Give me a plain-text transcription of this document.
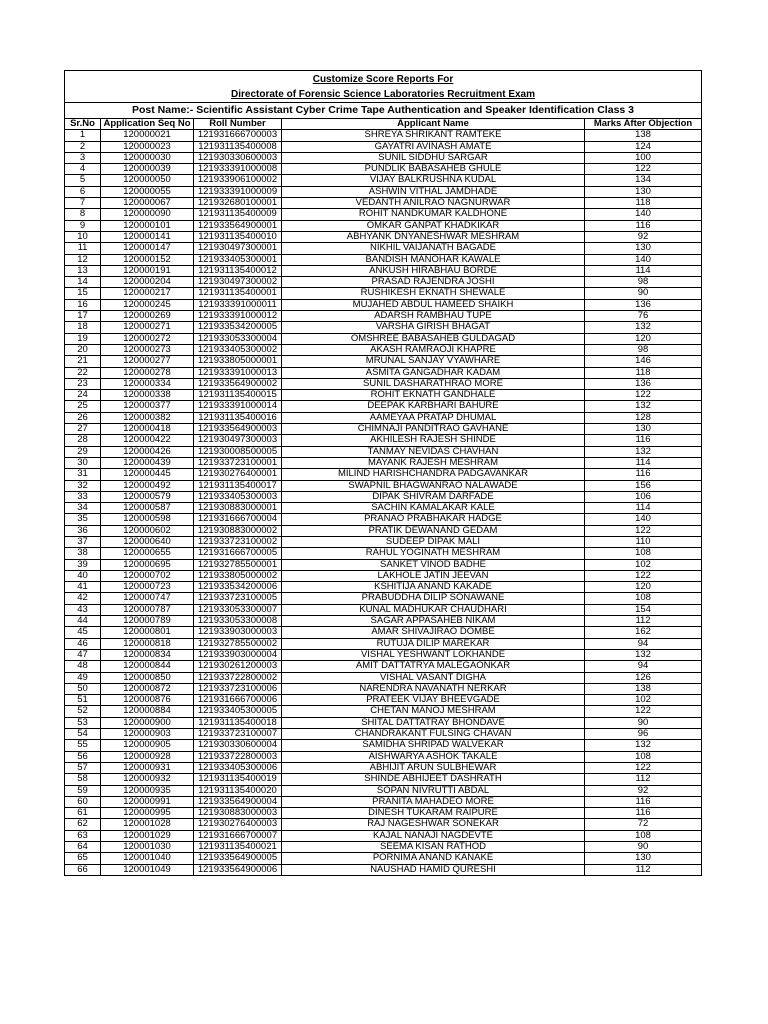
Customize Score Reports For				
Directorate of Forensic Science Laboratories Recruitment Exam				
Post Name:- Scientific Assistant Cyber Crime Tape Authentication and Speaker Identification Class 3				
Sr.No	Application Seq No	Roll Number	Applicant Name	Marks After Objection
1	120000021	121931666700003	SHREYA SHRIKANT RAMTEKE	138
2	120000023	121931135400008	GAYATRI AVINASH AMATE	124
3	120000030	121930330600003	SUNIL SIDDHU SARGAR	100
4	120000039	121933391000008	PUNDLIK BABASAHEB GHULE	122
5	120000050	121933906100002	VIJAY BALKRUSHNA KUDAL	134
6	120000055	121933391000009	ASHWIN VITHAL JAMDHADE	130
7	120000067	121932680100001	VEDANTH ANILRAO NAGNURWAR	118
8	120000090	121931135400009	ROHIT NANDKUMAR KALDHONE	140
9	120000101	121933564900001	OMKAR GANPAT KHADKIKAR	116
10	120000141	121931135400010	ABHYANK DNYANESHWAR MESHRAM	92
11	120000147	121930497300001	NIKHIL VAIJANATH BAGADE	130
12	120000152	121933405300001	BANDISH MANOHAR KAWALE	140
13	120000191	121931135400012	ANKUSH HIRABHAU BORDE	114
14	120000204	121930497300002	PRASAD RAJENDRA JOSHI	98
15	120000217	121931135400001	RUSHIKESH EKNATH SHEWALE	90
16	120000245	121933391000011	MUJAHED ABDUL HAMEED SHAIKH	136
17	120000269	121933391000012	ADARSH RAMBHAU TUPE	76
18	120000271	121933534200005	VARSHA GIRISH BHAGAT	132
19	120000272	121933053300004	OMSHREE BABASAHEB GULDAGAD	120
20	120000273	121933405300002	AKASH RAMRAOJI KHAPRE	98
21	120000277	121933805000001	MRUNAL SANJAY VYAWHARE	146
22	120000278	121933391000013	ASMITA GANGADHAR KADAM	118
23	120000334	121933564900002	SUNIL DASHARATHRAO MORE	136
24	120000338	121931135400015	ROHIT EKNATH GANDHALE	122
25	120000377	121933391000014	DEEPAK KARBHARI BAHURE	132
26	120000382	121931135400016	AAMEYAA PRATAP DHUMAL	128
27	120000418	121933564900003	CHIMNAJI PANDITRAO GAVHANE	130
28	120000422	121930497300003	AKHILESH RAJESH SHINDE	116
29	120000426	121930008500005	TANMAY NEVIDAS CHAVHAN	132
30	120000439	121933723100001	MAYANK RAJESH MESHRAM	114
31	120000445	121930276400001	MILIND HARISHCHANDRA PADGAVANKAR	116
32	120000492	121931135400017	SWAPNIL BHAGWANRAO NALAWADE	156
33	120000579	121933405300003	DIPAK SHIVRAM DARFADE	106
34	120000587	121930883000001	SACHIN KAMALAKAR KALE	114
35	120000598	121931666700004	PRANAO PRABHAKAR HADGE	140
36	120000602	121930883000002	PRATIK DEWANAND GEDAM	122
37	120000640	121933723100002	SUDEEP DIPAK MALI	110
38	120000655	121931666700005	RAHUL YOGINATH MESHRAM	108
39	120000695	121932785500001	SANKET VINOD BADHE	102
40	120000702	121933805000002	LAKHOLE JATIN JEEVAN	122
41	120000723	121933534200006	KSHITIJA ANAND KAKADE	120
42	120000747	121933723100005	PRABUDDHA DILIP SONAWANE	108
43	120000787	121933053300007	KUNAL MADHUKAR CHAUDHARI	154
44	120000789	121933053300008	SAGAR APPASAHEB NIKAM	112
45	120000801	121933903000003	AMAR SHIVAJIRAO DOMBE	162
46	120000818	121932785500002	RUTUJA DILIP MAREKAR	94
47	120000834	121933903000004	VISHAL YESHWANT LOKHANDE	132
48	120000844	121930261200003	AMIT DATTATRYA MALEGAONKAR	94
49	120000850	121933722800002	VISHAL VASANT DIGHA	126
50	120000872	121933723100006	NARENDRA NAVANATH NERKAR	138
51	120000876	121931666700006	PRATEEK VIJAY BHEEVGADE	102
52	120000884	121933405300005	CHETAN MANOJ MESHRAM	122
53	120000900	121931135400018	SHITAL DATTATRAY BHONDAVE	90
54	120000903	121933723100007	CHANDRAKANT FULSING CHAVAN	96
55	120000905	121930330600004	SAMIDHA SHRIPAD WALVEKAR	132
56	120000928	121933722800003	AISHWARYA ASHOK TAKALE	108
57	120000931	121933405300006	ABHIJIT ARUN SULBHEWAR	122
58	120000932	121931135400019	SHINDE ABHIJEET DASHRATH	112
59	120000935	121931135400020	SOPAN NIVRUTTI ABDAL	92
60	120000991	121933564900004	PRANITA MAHADEO MORE	116
61	120000995	121930883000003	DINESH TUKARAM RAIPURE	116
62	120001028	121930276400003	RAJ NAGESHWAR SONEKAR	72
63	120001029	121931666700007	KAJAL NANAJI NAGDEVTE	108
64	120001030	121931135400021	SEEMA KISAN RATHOD	90
65	120001040	121933564900005	PORNIMA ANAND KANAKE	130
66	120001049	121933564900006	NAUSHAD HAMID QURESHI	112
